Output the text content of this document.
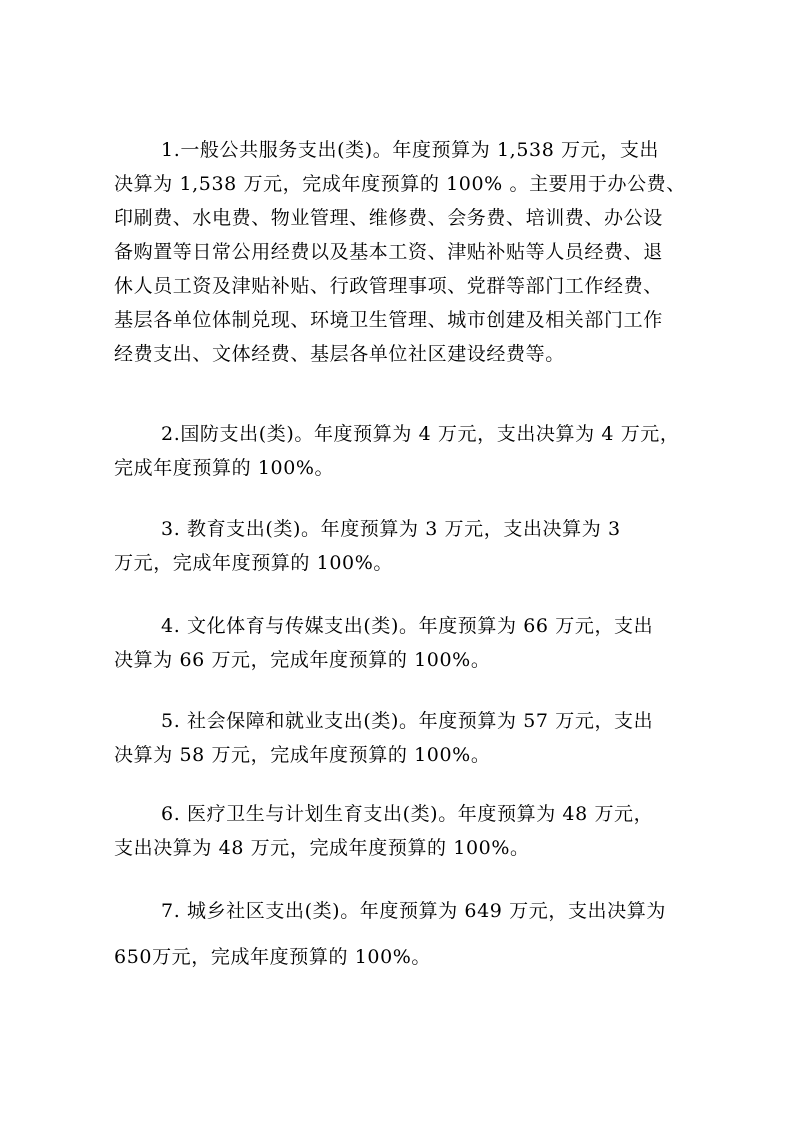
1.一般公共服务支出(类)。年度预算为 1,538 万元，支出
决算为 1,538 万元，完成年度预算的 100% 。主要用于办公费、
印刷费、水电费、物业管理、维修费、会务费、培训费、办公设
备购置等日常公用经费以及基本工资、津贴补贴等人员经费、退
休人员工资及津贴补贴、行政管理事项、党群等部门工作经费、
基层各单位体制兑现、环境卫生管理、城市创建及相关部门工作
经费支出、文体经费、基层各单位社区建设经费等。

2.国防支出(类)。年度预算为 4 万元，支出决算为 4 万元，
完成年度预算的 100%。

3. 教育支出(类)。年度预算为 3 万元，支出决算为 3
万元，完成年度预算的 100%。

4. 文化体育与传媒支出(类)。年度预算为 66 万元，支出
决算为 66 万元，完成年度预算的 100%。

5. 社会保障和就业支出(类)。年度预算为 57 万元，支出
决算为 58 万元，完成年度预算的 100%。

6. 医疗卫生与计划生育支出(类)。年度预算为 48 万元，
支出决算为 48 万元，完成年度预算的 100%。

7. 城乡社区支出(类)。年度预算为 649 万元，支出决算为
650万元，完成年度预算的 100%。
